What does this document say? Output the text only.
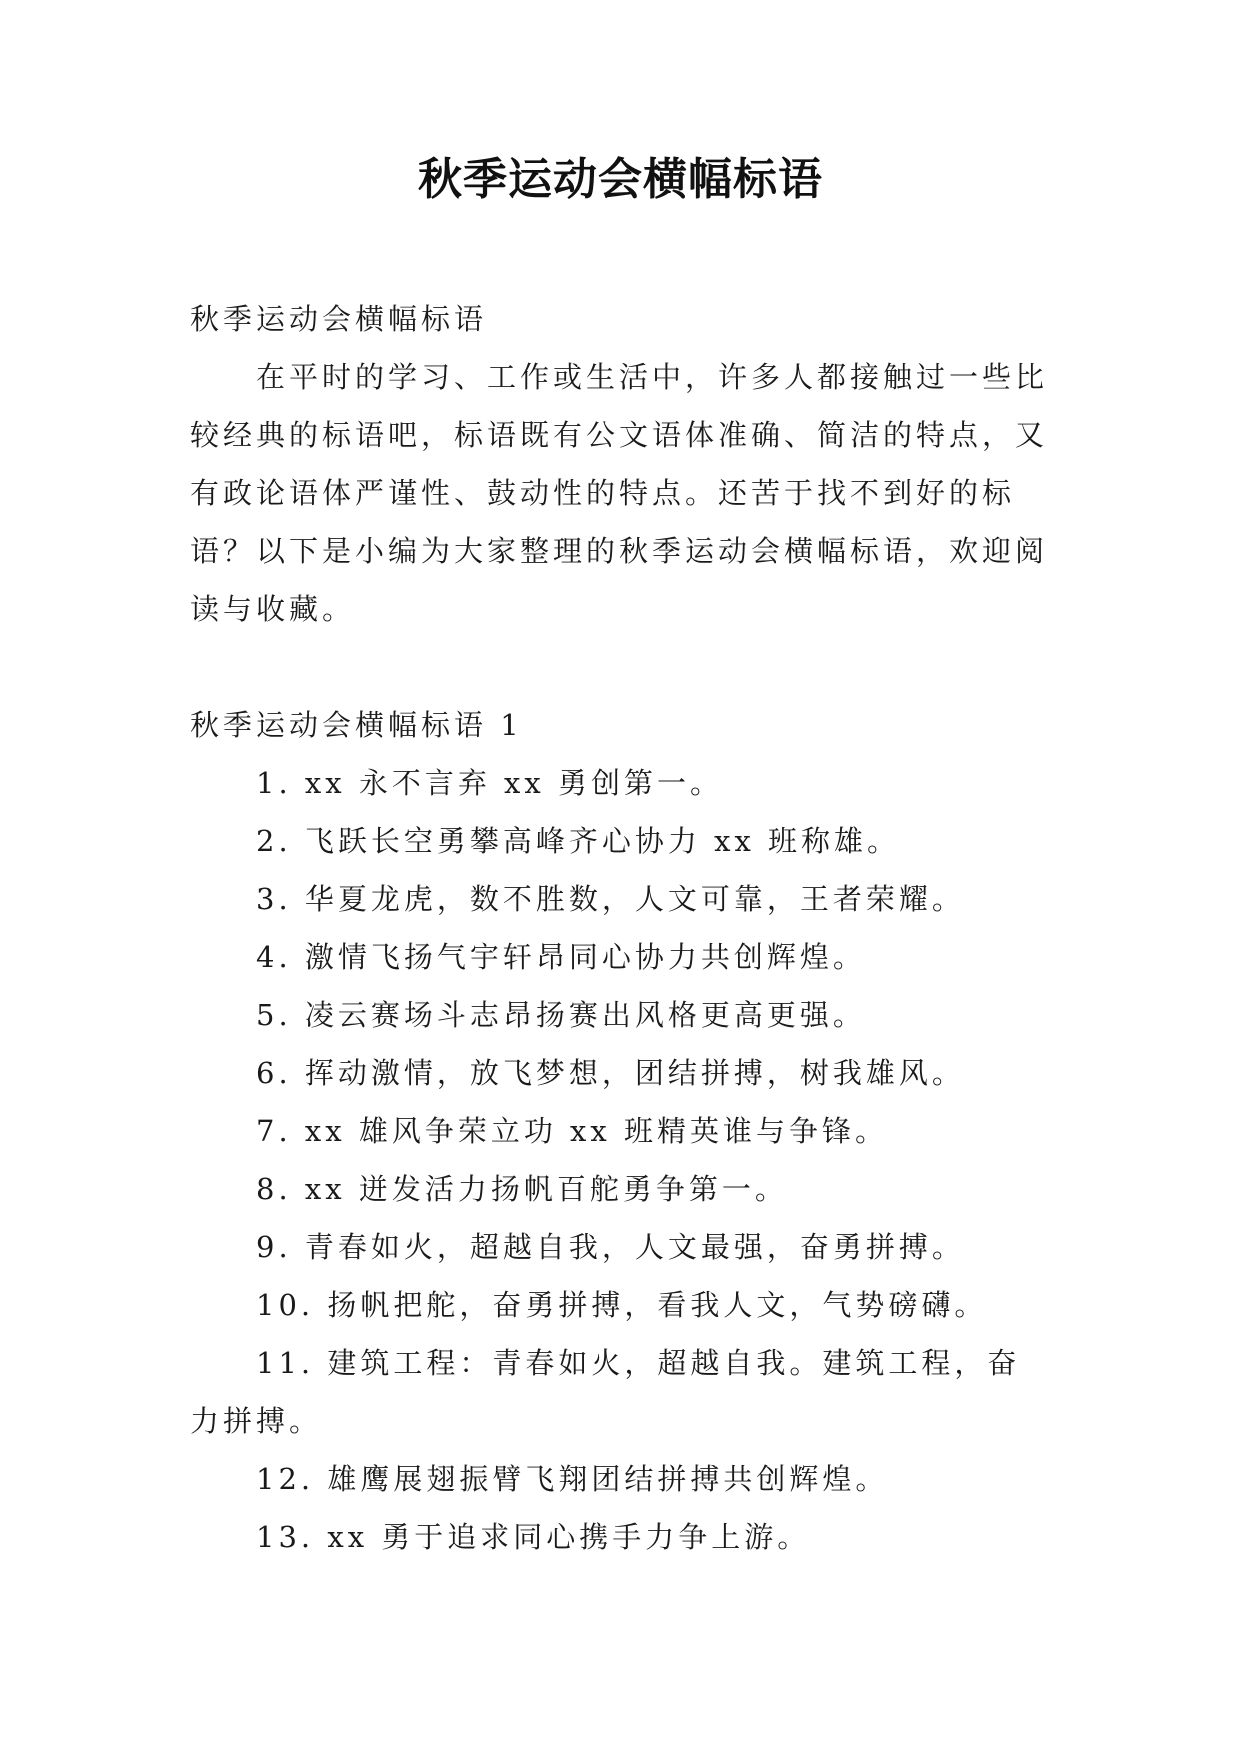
秋季运动会横幅标语

秋季运动会横幅标语

在平时的学习、工作或生活中，许多人都接触过一些比较经典的标语吧，标语既有公文语体准确、简洁的特点，又有政论语体严谨性、鼓动性的特点。还苦于找不到好的标语？以下是小编为大家整理的秋季运动会横幅标语，欢迎阅读与收藏。

秋季运动会横幅标语 1

1. xx 永不言弃 xx 勇创第一。

2. 飞跃长空勇攀高峰齐心协力 xx 班称雄。

3. 华夏龙虎，数不胜数，人文可靠，王者荣耀。

4. 激情飞扬气宇轩昂同心协力共创辉煌。

5. 凌云赛场斗志昂扬赛出风格更高更强。

6. 挥动激情，放飞梦想，团结拼搏，树我雄风。

7. xx 雄风争荣立功 xx 班精英谁与争锋。

8. xx 迸发活力扬帆百舵勇争第一。

9. 青春如火，超越自我，人文最强，奋勇拼搏。

10. 扬帆把舵，奋勇拼搏，看我人文，气势磅礴。

11. 建筑工程：青春如火，超越自我。建筑工程，奋力拼搏。

12. 雄鹰展翅振臂飞翔团结拼搏共创辉煌。

13. xx 勇于追求同心携手力争上游。
